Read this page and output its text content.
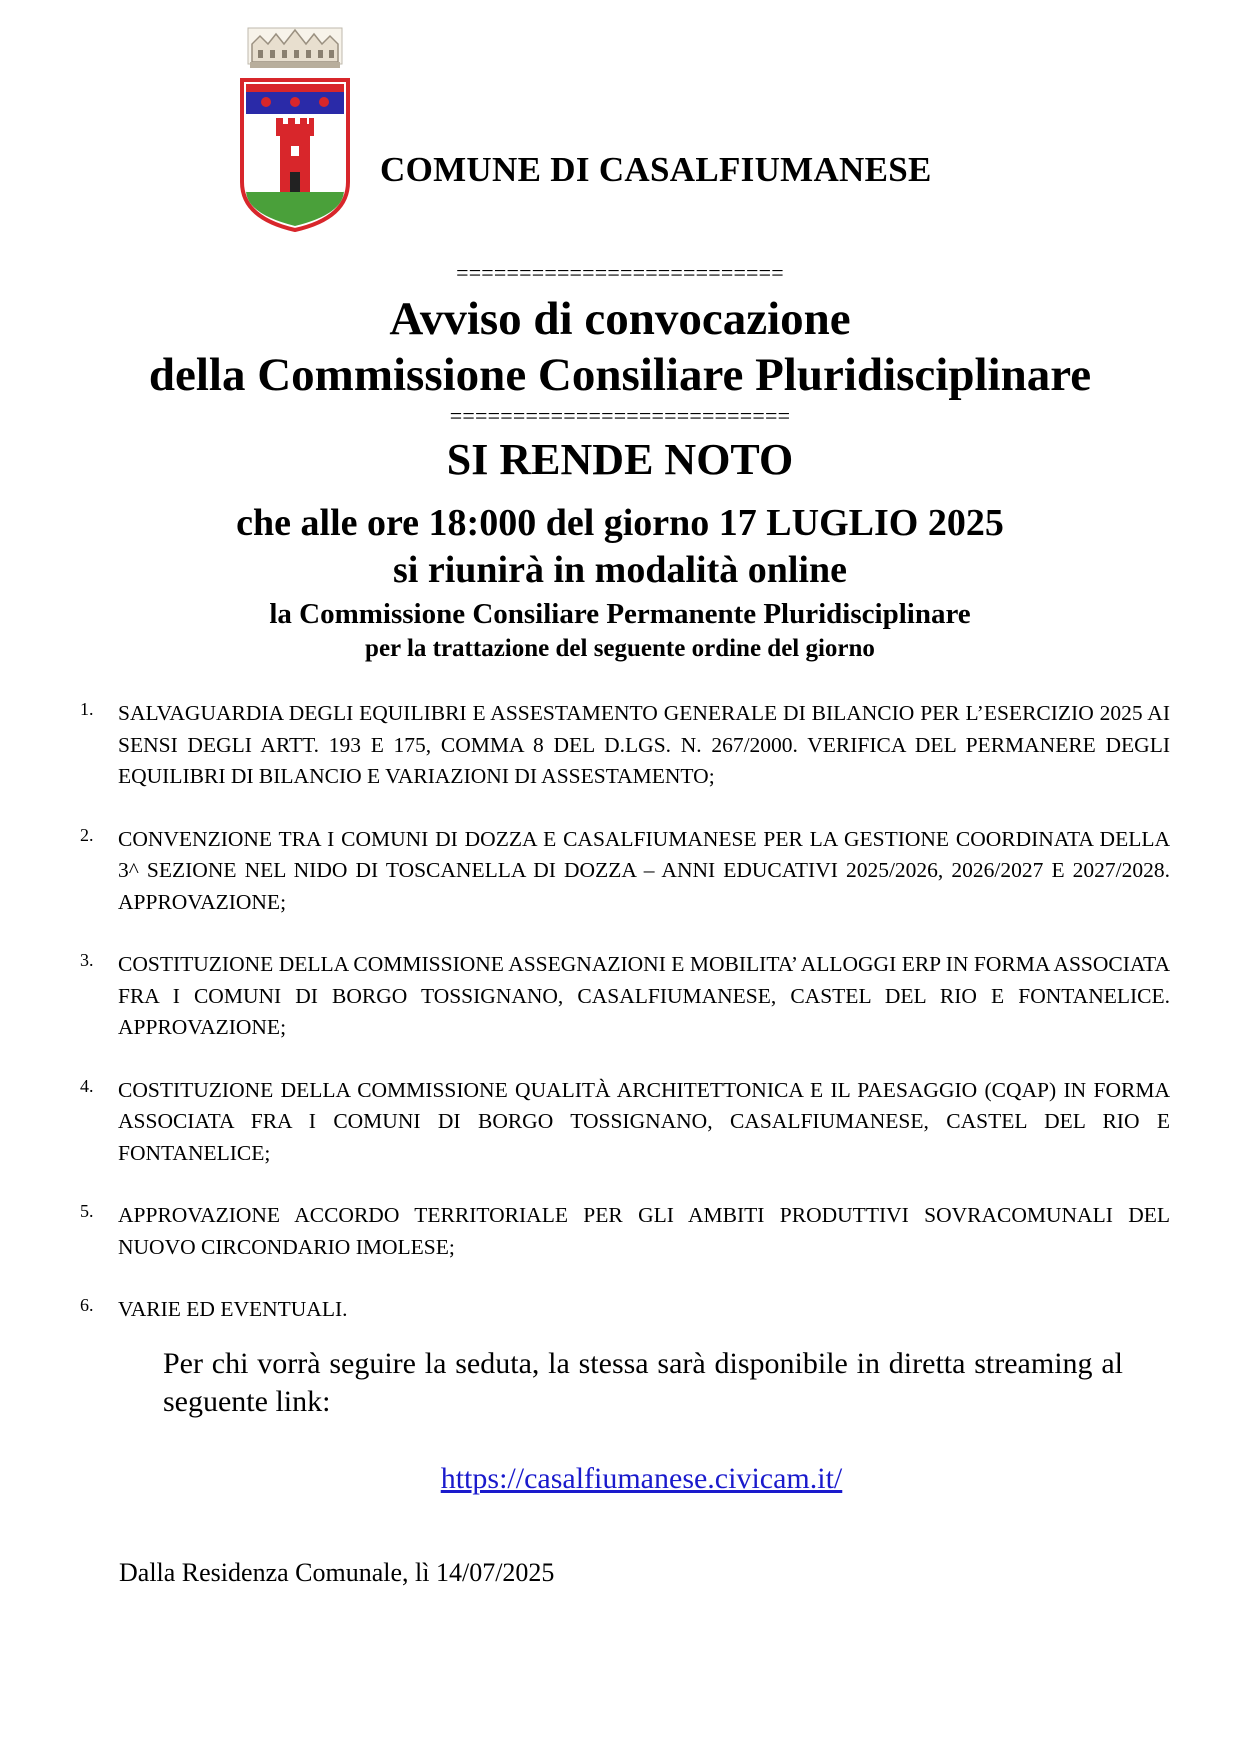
COMUNE DI CASALFIUMANESE
==========================
Avviso di convocazione
della Commissione Consiliare Pluridisciplinare
===========================
SI RENDE NOTO
che alle ore 18:000 del giorno 17 LUGLIO 2025
si riunirà in modalità online
la Commissione Consiliare Permanente Pluridisciplinare
per la trattazione del seguente ordine del giorno
1. SALVAGUARDIA DEGLI EQUILIBRI E ASSESTAMENTO GENERALE DI BILANCIO PER L’ESERCIZIO 2025 AI SENSI DEGLI ARTT. 193 E 175, COMMA 8 DEL D.LGS. N. 267/2000. VERIFICA DEL PERMANERE DEGLI EQUILIBRI DI BILANCIO E VARIAZIONI DI ASSESTAMENTO;
2. CONVENZIONE TRA I COMUNI DI DOZZA E CASALFIUMANESE PER LA GESTIONE COORDINATA DELLA 3^ SEZIONE NEL NIDO DI TOSCANELLA DI DOZZA – ANNI EDUCATIVI 2025/2026, 2026/2027 E 2027/2028. APPROVAZIONE;
3. COSTITUZIONE DELLA COMMISSIONE ASSEGNAZIONI E MOBILITA’ ALLOGGI ERP IN FORMA ASSOCIATA FRA I COMUNI DI BORGO TOSSIGNANO, CASALFIUMANESE, CASTEL DEL RIO E FONTANELICE. APPROVAZIONE;
4. COSTITUZIONE DELLA COMMISSIONE QUALITÀ ARCHITETTONICA E IL PAESAGGIO (CQAP) IN FORMA ASSOCIATA FRA I COMUNI DI BORGO TOSSIGNANO, CASALFIUMANESE, CASTEL DEL RIO E FONTANELICE;
5. APPROVAZIONE ACCORDO TERRITORIALE PER GLI AMBITI PRODUTTIVI SOVRACOMUNALI DEL NUOVO CIRCONDARIO IMOLESE;
6. VARIE ED EVENTUALI.
Per chi vorrà seguire la seduta, la stessa sarà disponibile in diretta streaming al seguente link:
https://casalfiumanese.civicam.it/
Dalla Residenza Comunale, lì 14/07/2025
